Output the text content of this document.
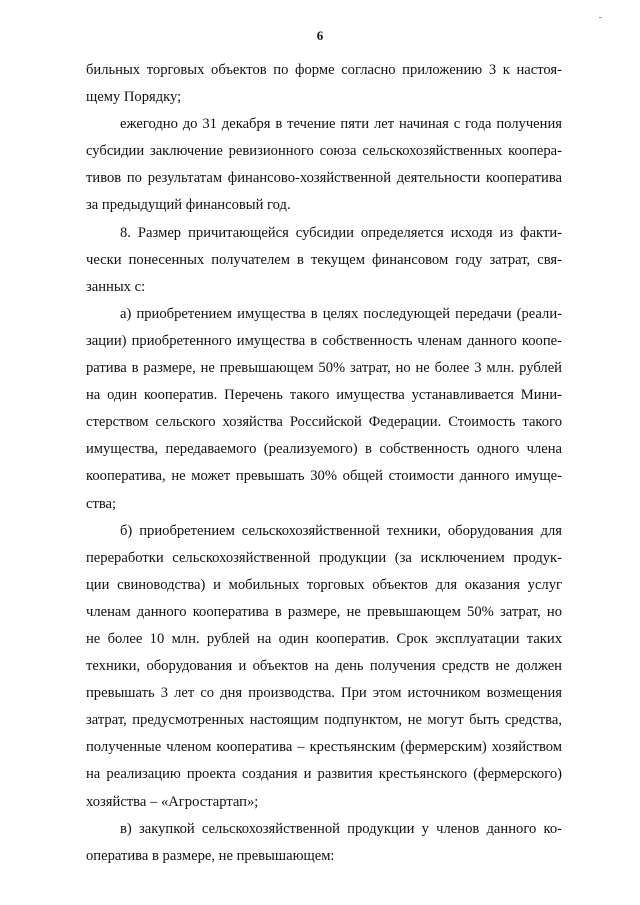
-
6
бильных торговых объектов по форме согласно приложению 3 к настоя-
щему Порядку;
ежегодно до 31 декабря в течение пяти лет начиная с года получения
субсидии заключение ревизионного союза сельскохозяйственных коопера-
тивов по результатам финансово-хозяйственной деятельности кооператива
за предыдущий финансовый год.
8. Размер причитающейся субсидии определяется исходя из факти-
чески понесенных получателем в текущем финансовом году затрат, свя-
занных с:
а) приобретением имущества в целях последующей передачи (реали-
зации) приобретенного имущества в собственность членам данного коопе-
ратива в размере, не превышающем 50% затрат, но не более 3 млн. рублей
на один кооператив. Перечень такого имущества устанавливается Мини-
стерством сельского хозяйства Российской Федерации. Стоимость такого
имущества, передаваемого (реализуемого) в собственность одного члена
кооператива, не может превышать 30% общей стоимости данного имуще-
ства;
б) приобретением сельскохозяйственной техники, оборудования для
переработки сельскохозяйственной продукции (за исключением продук-
ции свиноводства) и мобильных торговых объектов для оказания услуг
членам данного кооператива в размере, не превышающем 50% затрат, но
не более 10 млн. рублей на один кооператив. Срок эксплуатации таких
техники, оборудования и объектов на день получения средств не должен
превышать 3 лет со дня производства. При этом источником возмещения
затрат, предусмотренных настоящим подпунктом, не могут быть средства,
полученные членом кооператива – крестьянским (фермерским) хозяйством
на реализацию проекта создания и развития крестьянского (фермерского)
хозяйства – «Агростартап»;
в) закупкой сельскохозяйственной продукции у членов данного ко-
оператива в размере, не превышающем:
